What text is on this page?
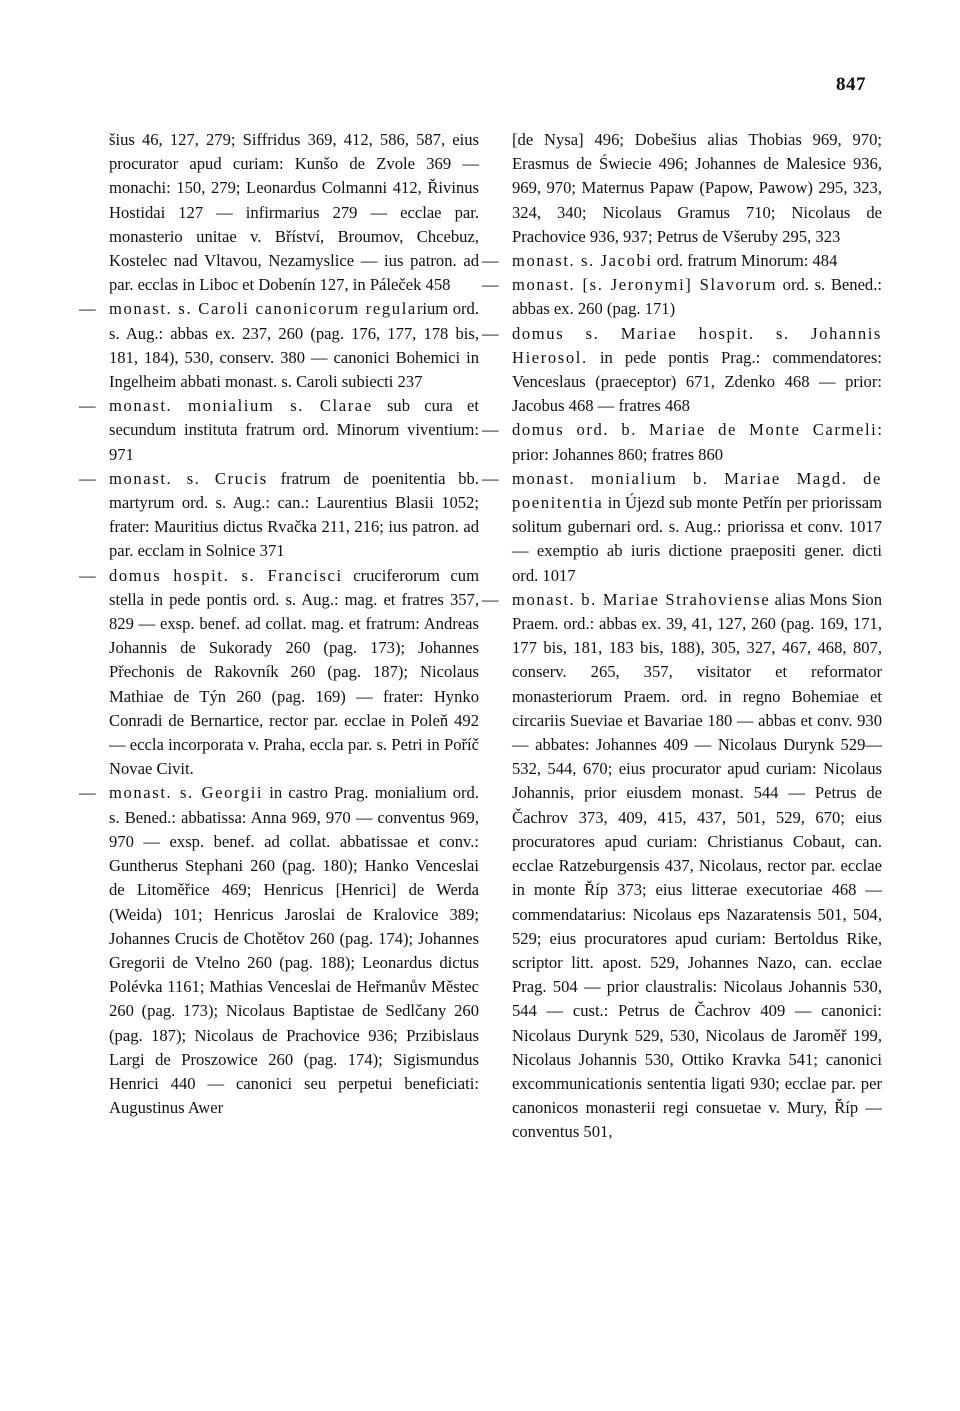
847

šius 46, 127, 279; Siffridus 369, 412, 586, 587, eius procurator apud curiam: Kunšo de Zvole 369 — monachi: 150, 279; Leonardus Colmanni 412, Řivinus Hostidai 127 — infirmarius 279 — ecclae par. monasterio unitae v. Bříství, Broumov, Chcebuz, Kostelec nad Vltavou, Nezamyslice — ius patron. ad par. ecclas in Liboc et Dobenín 127, in Páleček 458

— monast. s. Caroli canonicorum regularium ord. s. Aug.: abbas ex. 237, 260 (pag. 176, 177, 178 bis, 181, 184), 530, conserv. 380 — canonici Bohemici in Ingelheim abbati monast. s. Caroli subiecti 237

— monast. monialium s. Clarae sub cura et secundum instituta fratrum ord. Minorum viventium: 971

— monast. s. Crucis fratrum de poenitentia bb. martyrum ord. s. Aug.: can.: Laurentius Blasii 1052; frater: Mauritius dictus Rvačka 211, 216; ius patron. ad par. ecclam in Solnice 371

— domus hospit. s. Francisci cruciferorum cum stella in pede pontis ord. s. Aug.: mag. et fratres 357, 829 — exsp. benef. ad collat. mag. et fratrum: Andreas Johannis de Sukorady 260 (pag. 173); Johannes Přechonis de Rakovník 260 (pag. 187); Nicolaus Mathiae de Týn 260 (pag. 169) — frater: Hynko Conradi de Bernartice, rector par. ecclae in Poleň 492 — eccla incorporata v. Praha, eccla par. s. Petri in Poříč Novae Civit.

— monast. s. Georgii in castro Prag. monialium ord. s. Bened.: abbatissa: Anna 969, 970 — conventus 969, 970 — exsp. benef. ad collat. abbatissae et conv.: Guntherus Stephani 260 (pag. 180); Hanko Venceslai de Litoměřice 469; Henricus [Henrici] de Werda (Weida) 101; Henricus Jaroslai de Kralovice 389; Johannes Crucis de Chotětov 260 (pag. 174); Johannes Gregorii de Vtelno 260 (pag. 188); Leonardus dictus Polévka 1161; Mathias Venceslai de Heřmanův Městec 260 (pag. 173); Nicolaus Baptistae de Sedlčany 260 (pag. 187); Nicolaus de Prachovice 936; Przibislaus Largi de Proszowice 260 (pag. 174); Sigismundus Henrici 440 — canonici seu perpetui beneficiati: Augustinus Awer

[de Nysa] 496; Dobešius alias Thobias 969, 970; Erasmus de Świecie 496; Johannes de Malesice 936, 969, 970; Maternus Papaw (Papow, Pawow) 295, 323, 324, 340; Nicolaus Gramus 710; Nicolaus de Prachovice 936, 937; Petrus de Všeruby 295, 323

— monast. s. Jacobi ord. fratrum Minorum: 484

— monast. [s. Jeronymi] Slavorum ord. s. Bened.: abbas ex. 260 (pag. 171)

— domus s. Mariae hospit. s. Johannis Hierosol. in pede pontis Prag.: commendatores: Venceslaus (praeceptor) 671, Zdenko 468 — prior: Jacobus 468 — fratres 468

— domus ord. b. Mariae de Monte Carmeli: prior: Johannes 860; fratres 860

— monast. monialium b. Mariae Magd. de poenitentia in Újezd sub monte Petřín per priorissam solitum gubernari ord. s. Aug.: priorissa et conv. 1017 — exemptio ab iuris dictione praepositi gener. dicti ord. 1017

— monast. b. Mariae Strahoviense alias Mons Sion Praem. ord.: abbas ex. 39, 41, 127, 260 (pag. 169, 171, 177 bis, 181, 183 bis, 188), 305, 327, 467, 468, 807, conserv. 265, 357, visitator et reformator monasteriorum Praem. ord. in regno Bohemiae et circariis Sueviae et Bavariae 180 — abbas et conv. 930 — abbates: Johannes 409 — Nicolaus Durynk 529—532, 544, 670; eius procurator apud curiam: Nicolaus Johannis, prior eiusdem monast. 544 — Petrus de Čachrov 373, 409, 415, 437, 501, 529, 670; eius procuratores apud curiam: Christianus Cobaut, can. ecclae Ratzeburgensis 437, Nicolaus, rector par. ecclae in monte Říp 373; eius litterae executoriae 468 — commendatarius: Nicolaus eps Nazaratensis 501, 504, 529; eius procuratores apud curiam: Bertoldus Rike, scriptor litt. apost. 529, Johannes Nazo, can. ecclae Prag. 504 — prior claustralis: Nicolaus Johannis 530, 544 — cust.: Petrus de Čachrov 409 — canonici: Nicolaus Durynk 529, 530, Nicolaus de Jaroměř 199, Nicolaus Johannis 530, Ottiko Kravka 541; canonici excommunicationis sententia ligati 930; ecclae par. per canonicos monasterii regi consuetae v. Mury, Říp — conventus 501,
